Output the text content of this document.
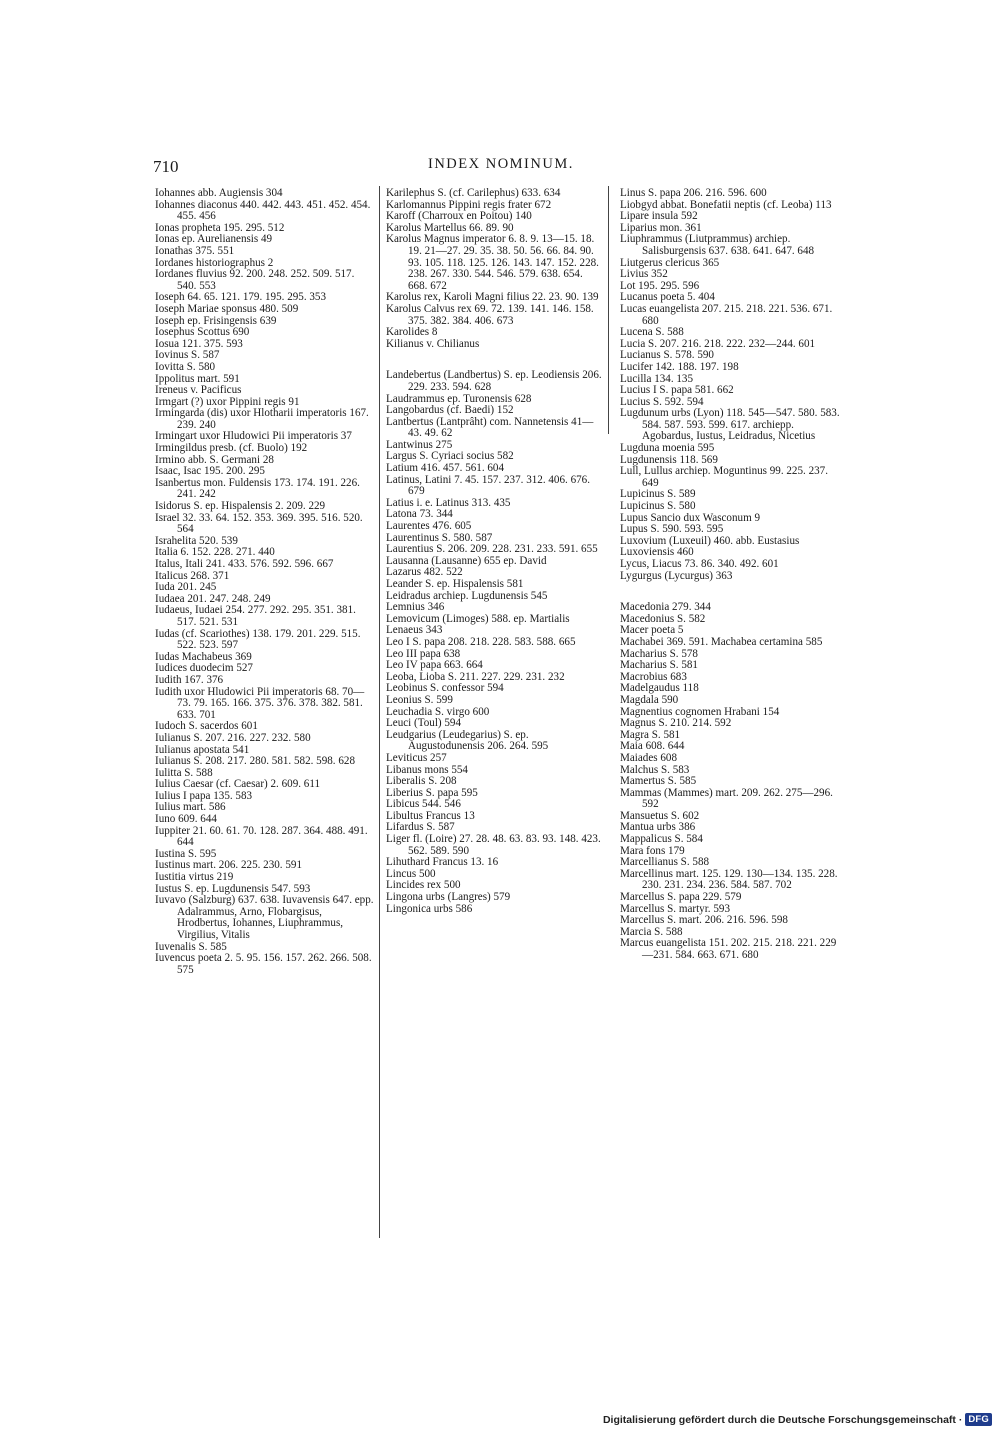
710	INDEX NOMINUM.
Iohannes abb. Augiensis 304
Iohannes diaconus 440. 442. 443. 451. 452. 454. 455. 456
Ionas propheta 195. 295. 512
Ionas ep. Aurelianensis 49
Ionathas 375. 551
Iordanes historiographus 2
Iordanes fluvius 92. 200. 248. 252. 509. 517. 540. 553
Ioseph 64. 65. 121. 179. 195. 295. 353
Ioseph Mariae sponsus 480. 509
Ioseph ep. Frisingensis 639
Iosephus Scottus 690
Iosua 121. 375. 593
Iovinus S. 587
Iovitta S. 580
Ippolitus mart. 591
Ireneus v. Pacificus
Irmgart (?) uxor Pippini regis 91
Irmingarda (dis) uxor Hlotharii imperatoris 167. 239. 240
Irmingart uxor Hludowici Pii imperatoris 37
Irmingildus presb. (cf. Buolo) 192
Irmino abb. S. Germani 28
Isaac, Isac 195. 200. 295
Isanbertus mon. Fuldensis 173. 174. 191. 226. 241. 242
Isidorus S. ep. Hispalensis 2. 209. 229
Israel 32. 33. 64. 152. 353. 369. 395. 516. 520. 564
Israhelita 520. 539
Italia 6. 152. 228. 271. 440
Italus, Itali 241. 433. 576. 592. 596. 667
Italicus 268. 371
Iuda 201. 245
Iudaea 201. 247. 248. 249
Iudaeus, Iudaei 254. 277. 292. 295. 351. 381. 517. 521. 531
Iudas (cf. Scariothes) 138. 179. 201. 229. 515. 522. 523. 597
Iudas Machabeus 369
Iudices duodecim 527
Iudith 167. 376
Iudith uxor Hludowici Pii imperatoris 68. 70—73. 79. 165. 166. 375. 376. 378. 382. 581. 633. 701
Iudoch S. sacerdos 601
Iulianus S. 207. 216. 227. 232. 580
Iulianus apostata 541
Iulianus S. 208. 217. 280. 581. 582. 598. 628
Iulitta S. 588
Iulius Caesar (cf. Caesar) 2. 609. 611
Iulius I papa 135. 583
Iulius mart. 586
Iuno 609. 644
Iuppiter 21. 60. 61. 70. 128. 287. 364. 488. 491. 644
Iustina S. 595
Iustinus mart. 206. 225. 230. 591
Iustitia virtus 219
Iustus S. ep. Lugdunensis 547. 593
Iuvavo (Salzburg) 637. 638. Iuvavensis 647. epp. Adalrammus, Arno, Flobargisus, Hrodbertus, Iohannes, Liuphrammus, Virgilius, Vitalis
Iuvenalis S. 585
Iuvencus poeta 2. 5. 95. 156. 157. 262. 266. 508. 575
Karilephus S. (cf. Carilephus) 633. 634
Karlomannus Pippini regis frater 672
Karoff (Charroux en Poitou) 140
Karolus Martellus 66. 89. 90
Karolus Magnus imperator 6. 8. 9. 13—15. 18. 19. 21—27. 29. 35. 38. 50. 56. 66. 84. 90. 93. 105. 118. 125. 126. 143. 147. 152. 228. 238. 267. 330. 544. 546. 579. 638. 654. 668. 672
Karolus rex, Karoli Magni filius 22. 23. 90. 139
Karolus Calvus rex 69. 72. 139. 141. 146. 158. 375. 382. 384. 406. 673
Karolides 8
Kilianus v. Chilianus
Landebertus (Landbertus) S. ep. Leodiensis 206. 229. 233. 594. 628
Laudrammus ep. Turonensis 628
Langobardus (cf. Baedi) 152
Lantbertus (Lantprâht) com. Nannetensis 41—43. 49. 62
Lantwinus 275
Largus S. Cyriaci socius 582
Latium 416. 457. 561. 604
Latinus, Latini 7. 45. 157. 237. 312. 406. 676. 679
Latius i. e. Latinus 313. 435
Latona 73. 344
Laurentes 476. 605
Laurentinus S. 580. 587
Laurentius S. 206. 209. 228. 231. 233. 591. 655
Lausanna (Lausanne) 655 ep. David
Lazarus 482. 522
Leander S. ep. Hispalensis 581
Leidradus archiep. Lugdunensis 545
Lemnius 346
Lemovicum (Limoges) 588. ep. Martialis
Lenaeus 343
Leo I S. papa 208. 218. 228. 583. 588. 665
Leo III papa 638
Leo IV papa 663. 664
Leoba, Lioba S. 211. 227. 229. 231. 232
Leobinus S. confessor 594
Leonius S. 599
Leuchadia S. virgo 600
Leuci (Toul) 594
Leudgarius (Leudegarius) S. ep. Augustodunensis 206. 264. 595
Leviticus 257
Libanus mons 554
Liberalis S. 208
Liberius S. papa 595
Libicus 544. 546
Libultus Francus 13
Lifardus S. 587
Liger fl. (Loire) 27. 28. 48. 63. 83. 93. 148. 423. 562. 589. 590
Lihuthard Francus 13. 16
Lincus 500
Lincides rex 500
Lingona urbs (Langres) 579
Lingonica urbs 586
Linus S. papa 206. 216. 596. 600
Liobgyd abbat. Bonefatii neptis (cf. Leoba) 113
Lipare insula 592
Liparius mon. 361
Liuphrammus (Liutprammus) archiep. Salisburgensis 637. 638. 641. 647. 648
Liutgerus clericus 365
Livius 352
Lot 195. 295. 596
Lucanus poeta 5. 404
Lucas euangelista 207. 215. 218. 221. 536. 671. 680
Lucena S. 588
Lucia S. 207. 216. 218. 222. 232—244. 601
Lucianus S. 578. 590
Lucifer 142. 188. 197. 198
Lucilla 134. 135
Lucius I S. papa 581. 662
Lucius S. 592. 594
Lugdunum urbs (Lyon) 118. 545—547. 580. 583. 584. 587. 593. 599. 617. archiepp. Agobardus, Iustus, Leidradus, Nicetius
Lugduna moenia 595
Lugdunensis 118. 569
Lull, Lullus archiep. Moguntinus 99. 225. 237. 649
Lupicinus S. 589
Lupicinus S. 580
Lupus Sancio dux Wasconum 9
Lupus S. 590. 593. 595
Luxovium (Luxeuil) 460. abb. Eustasius
Luxoviensis 460
Lycus, Liacus 73. 86. 340. 492. 601
Lygurgus (Lycurgus) 363
Macedonia 279. 344
Macedonius S. 582
Macer poeta 5
Machabei 369. 591. Machabea certamina 585
Macharius S. 578
Macharius S. 581
Macrobius 683
Madelgaudus 118
Magdala 590
Magnentius cognomen Hrabani 154
Magnus S. 210. 214. 592
Magra S. 581
Maia 608. 644
Maiades 608
Malchus S. 583
Mamertus S. 585
Mammas (Mammes) mart. 209. 262. 275—296. 592
Mansuetus S. 602
Mantua urbs 386
Mappalicus S. 584
Mara fons 179
Marcellianus S. 588
Marcellinus mart. 125. 129. 130—134. 135. 228. 230. 231. 234. 236. 584. 587. 702
Marcellus S. papa 229. 579
Marcellus S. martyr. 593
Marcellus S. mart. 206. 216. 596. 598
Marcia S. 588
Marcus euangelista 151. 202. 215. 218. 221. 229—231. 584. 663. 671. 680
Digitalisierung gefördert durch die Deutsche Forschungsgemeinschaft · DFG
